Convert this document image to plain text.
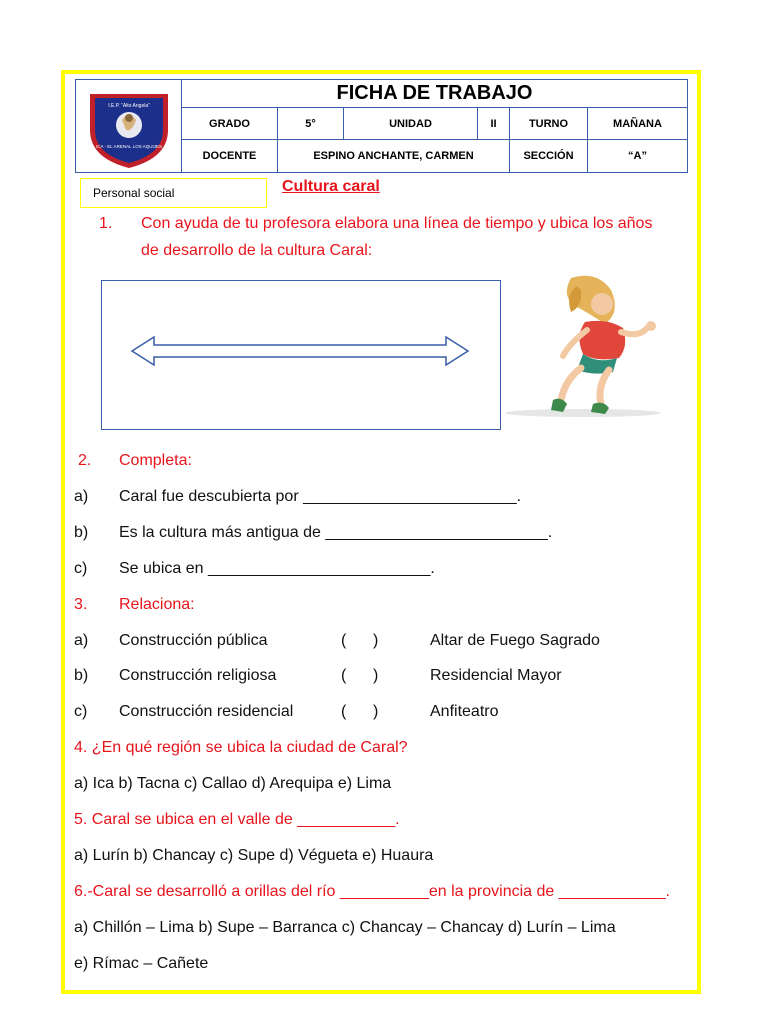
I.E.P. “Alto Angela”
ICA - EL ARENAL LOS AQUIJES
FICHA DE TRABAJO
GRADO	5°	UNIDAD	II	TURNO	MAÑANA
DOCENTE	ESPINO ANCHANTE, CARMEN	SECCIÓN	“A”
Personal social	Cultura caral
1. Con ayuda de tu profesora elabora una línea de tiempo y ubica los años
de desarrollo de la cultura Caral:
2. Completa:
a) Caral fue descubierta por ________________________.
b) Es la cultura más antigua de _________________________.
c) Se ubica en _________________________.
3. Relaciona:
a) Construcción pública	(      )	Altar de Fuego Sagrado
b) Construcción religiosa	(      )	Residencial Mayor
c) Construcción residencial	(      )	Anfiteatro
4. ¿En qué región se ubica la ciudad de Caral?
a) Ica b) Tacna c) Callao d) Arequipa e) Lima
5. Caral se ubica en el valle de ___________.
a) Lurín b) Chancay c) Supe d) Végueta e) Huaura
6.-Caral se desarrolló a orillas del río __________en la provincia de ____________.
a) Chillón – Lima b) Supe – Barranca c) Chancay – Chancay d) Lurín – Lima
e) Rímac – Cañete
